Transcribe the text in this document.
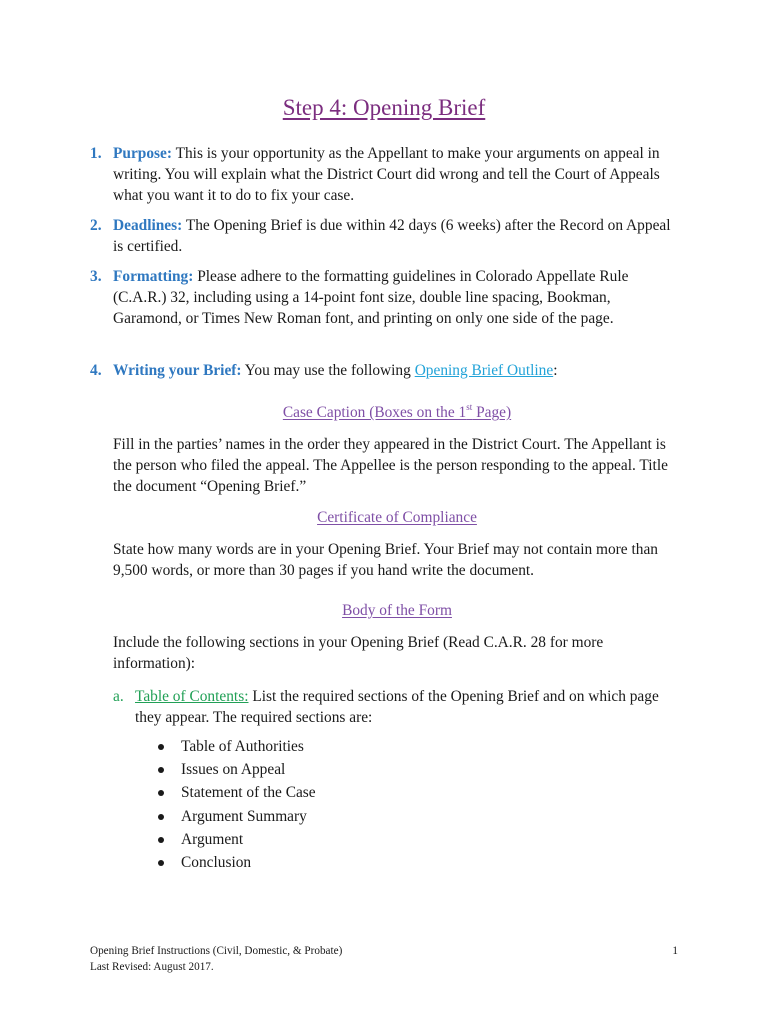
Step 4: Opening Brief
1. Purpose: This is your opportunity as the Appellant to make your arguments on appeal in writing. You will explain what the District Court did wrong and tell the Court of Appeals what you want it to do to fix your case.
2. Deadlines: The Opening Brief is due within 42 days (6 weeks) after the Record on Appeal is certified.
3. Formatting: Please adhere to the formatting guidelines in Colorado Appellate Rule (C.A.R.) 32, including using a 14-point font size, double line spacing, Bookman, Garamond, or Times New Roman font, and printing on only one side of the page.
4. Writing your Brief: You may use the following Opening Brief Outline:
Case Caption (Boxes on the 1st Page)
Fill in the parties’ names in the order they appeared in the District Court. The Appellant is the person who filed the appeal. The Appellee is the person responding to the appeal. Title the document “Opening Brief.”
Certificate of Compliance
State how many words are in your Opening Brief. Your Brief may not contain more than 9,500 words, or more than 30 pages if you hand write the document.
Body of the Form
Include the following sections in your Opening Brief (Read C.A.R. 28 for more information):
a. Table of Contents: List the required sections of the Opening Brief and on which page they appear. The required sections are:
Table of Authorities
Issues on Appeal
Statement of the Case
Argument Summary
Argument
Conclusion
Opening Brief Instructions (Civil, Domestic, & Probate)
Last Revised: August 2017.
1
